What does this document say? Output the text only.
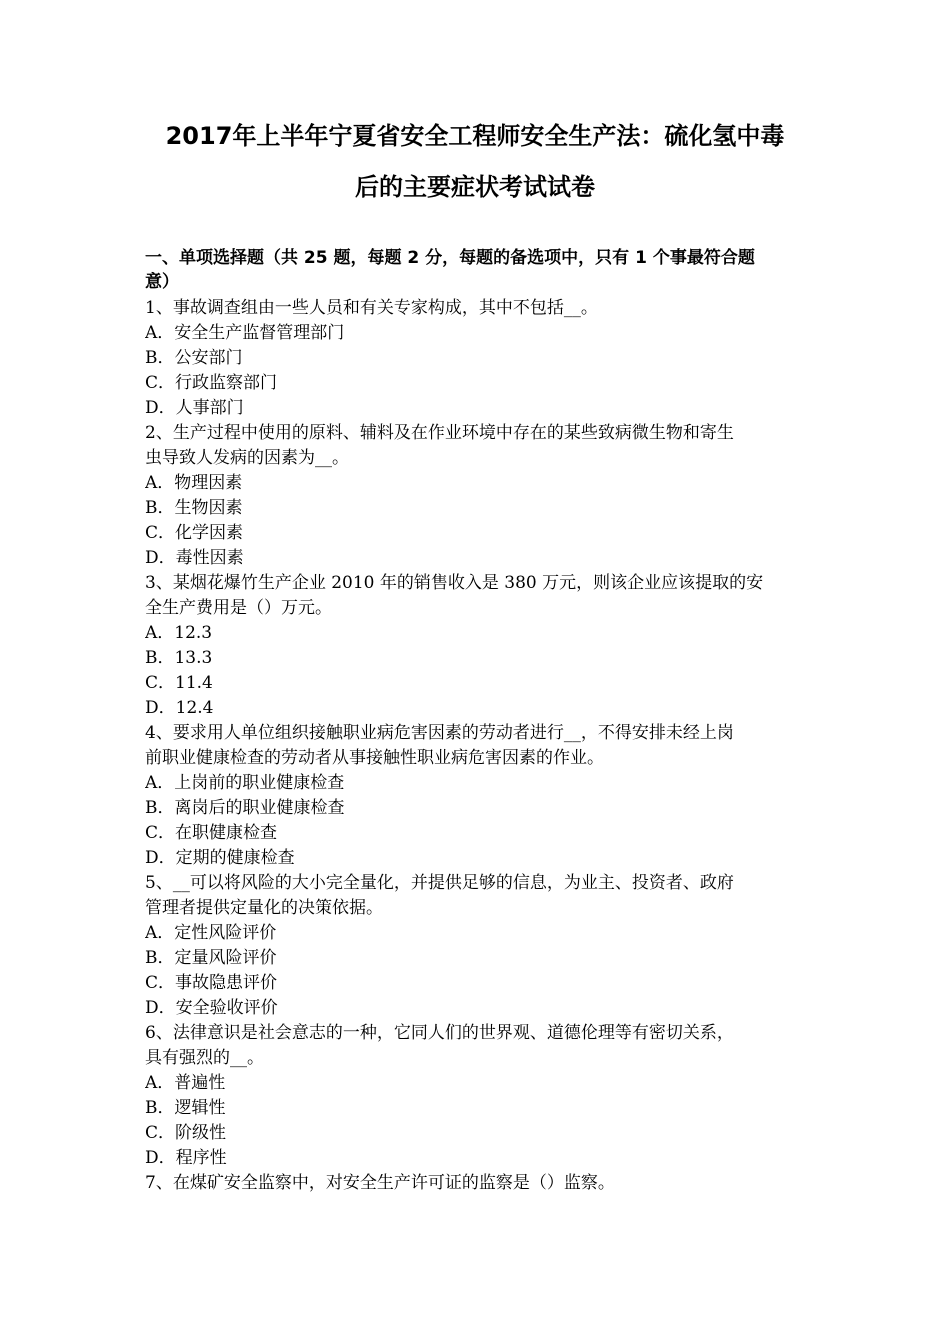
2017年上半年宁夏省安全工程师安全生产法：硫化氢中毒
后的主要症状考试试卷
一、单项选择题（共 25 题，每题 2 分，每题的备选项中，只有 1 个事最符合题
意）
1、事故调查组由一些人员和有关专家构成，其中不包括__。
A．安全生产监督管理部门
B．公安部门
C．行政监察部门
D．人事部门
2、生产过程中使用的原料、辅料及在作业环境中存在的某些致病微生物和寄生
虫导致人发病的因素为__。
A．物理因素
B．生物因素
C．化学因素
D．毒性因素
3、某烟花爆竹生产企业 2010 年的销售收入是 380 万元，则该企业应该提取的安
全生产费用是（）万元。
A．12.3
B．13.3
C．11.4
D．12.4
4、要求用人单位组织接触职业病危害因素的劳动者进行__，不得安排未经上岗
前职业健康检查的劳动者从事接触性职业病危害因素的作业。
A．上岗前的职业健康检查
B．离岗后的职业健康检查
C．在职健康检查
D．定期的健康检查
5、__可以将风险的大小完全量化，并提供足够的信息，为业主、投资者、政府
管理者提供定量化的决策依据。
A．定性风险评价
B．定量风险评价
C．事故隐患评价
D．安全验收评价
6、法律意识是社会意志的一种，它同人们的世界观、道德伦理等有密切关系，
具有强烈的__。
A．普遍性
B．逻辑性
C．阶级性
D．程序性
7、在煤矿安全监察中，对安全生产许可证的监察是（）监察。
